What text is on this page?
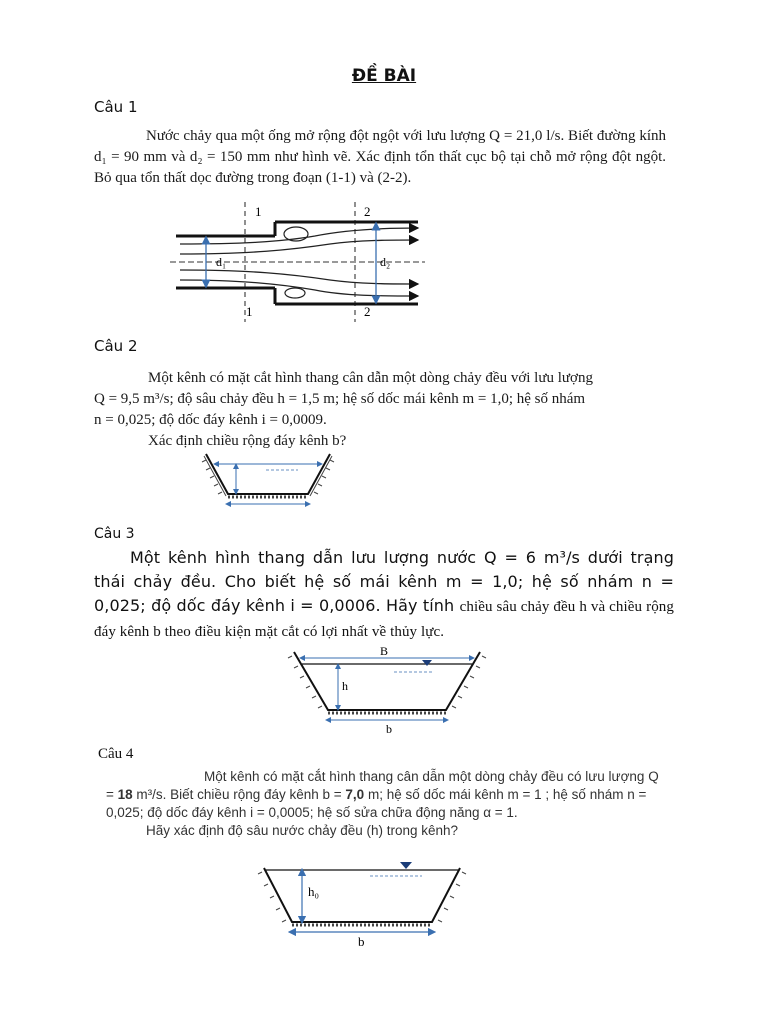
ĐỀ BÀI
Câu 1
Nước chảy qua một ống mở rộng đột ngột với lưu lượng Q = 21,0 l/s. Biết đường kính d₁ = 90 mm và d₂ = 150 mm như hình vẽ. Xác định tổn thất cục bộ tại chỗ mở rộng đột ngột. Bỏ qua tổn thất dọc đường trong đoạn (1-1) và (2-2).
1	2
1	2
d₁	d₂
Câu 2

Một kênh có mặt cắt hình thang cân dẫn một dòng chảy đều với lưu lượng

Q = 9,5 m³/s; độ sâu chảy đều h = 1,5 m; hệ số dốc mái kênh m = 1,0; hệ số nhám

n = 0,025; độ dốc đáy kênh i = 0,0009.

Xác định chiều rộng đáy kênh b?

Câu 3
Một kênh hình thang dẫn lưu lượng nước Q = 6 m³/s dưới trạng thái chảy đều. Cho biết hệ số mái kênh m = 1,0; hệ số nhám n = 0,025; độ dốc đáy kênh i = 0,0006. Hãy tính chiều sâu chảy đều h và chiều rộng đáy kênh b theo điều kiện mặt cắt có lợi nhất về thủy lực.
B
h
b
Câu 4

Một kênh có mặt cắt hình thang cân dẫn một dòng chảy đều có lưu lượng Q

= 18 m³/s. Biết chiều rộng đáy kênh b = 7,0 m; hệ số dốc mái kênh m = 1 ; hệ số nhám n =

0,025; độ dốc đáy kênh i = 0,0005; hệ số sửa chữa động năng α = 1.

Hãy xác định độ sâu nước chảy đều (h) trong kênh?

h₀
b
